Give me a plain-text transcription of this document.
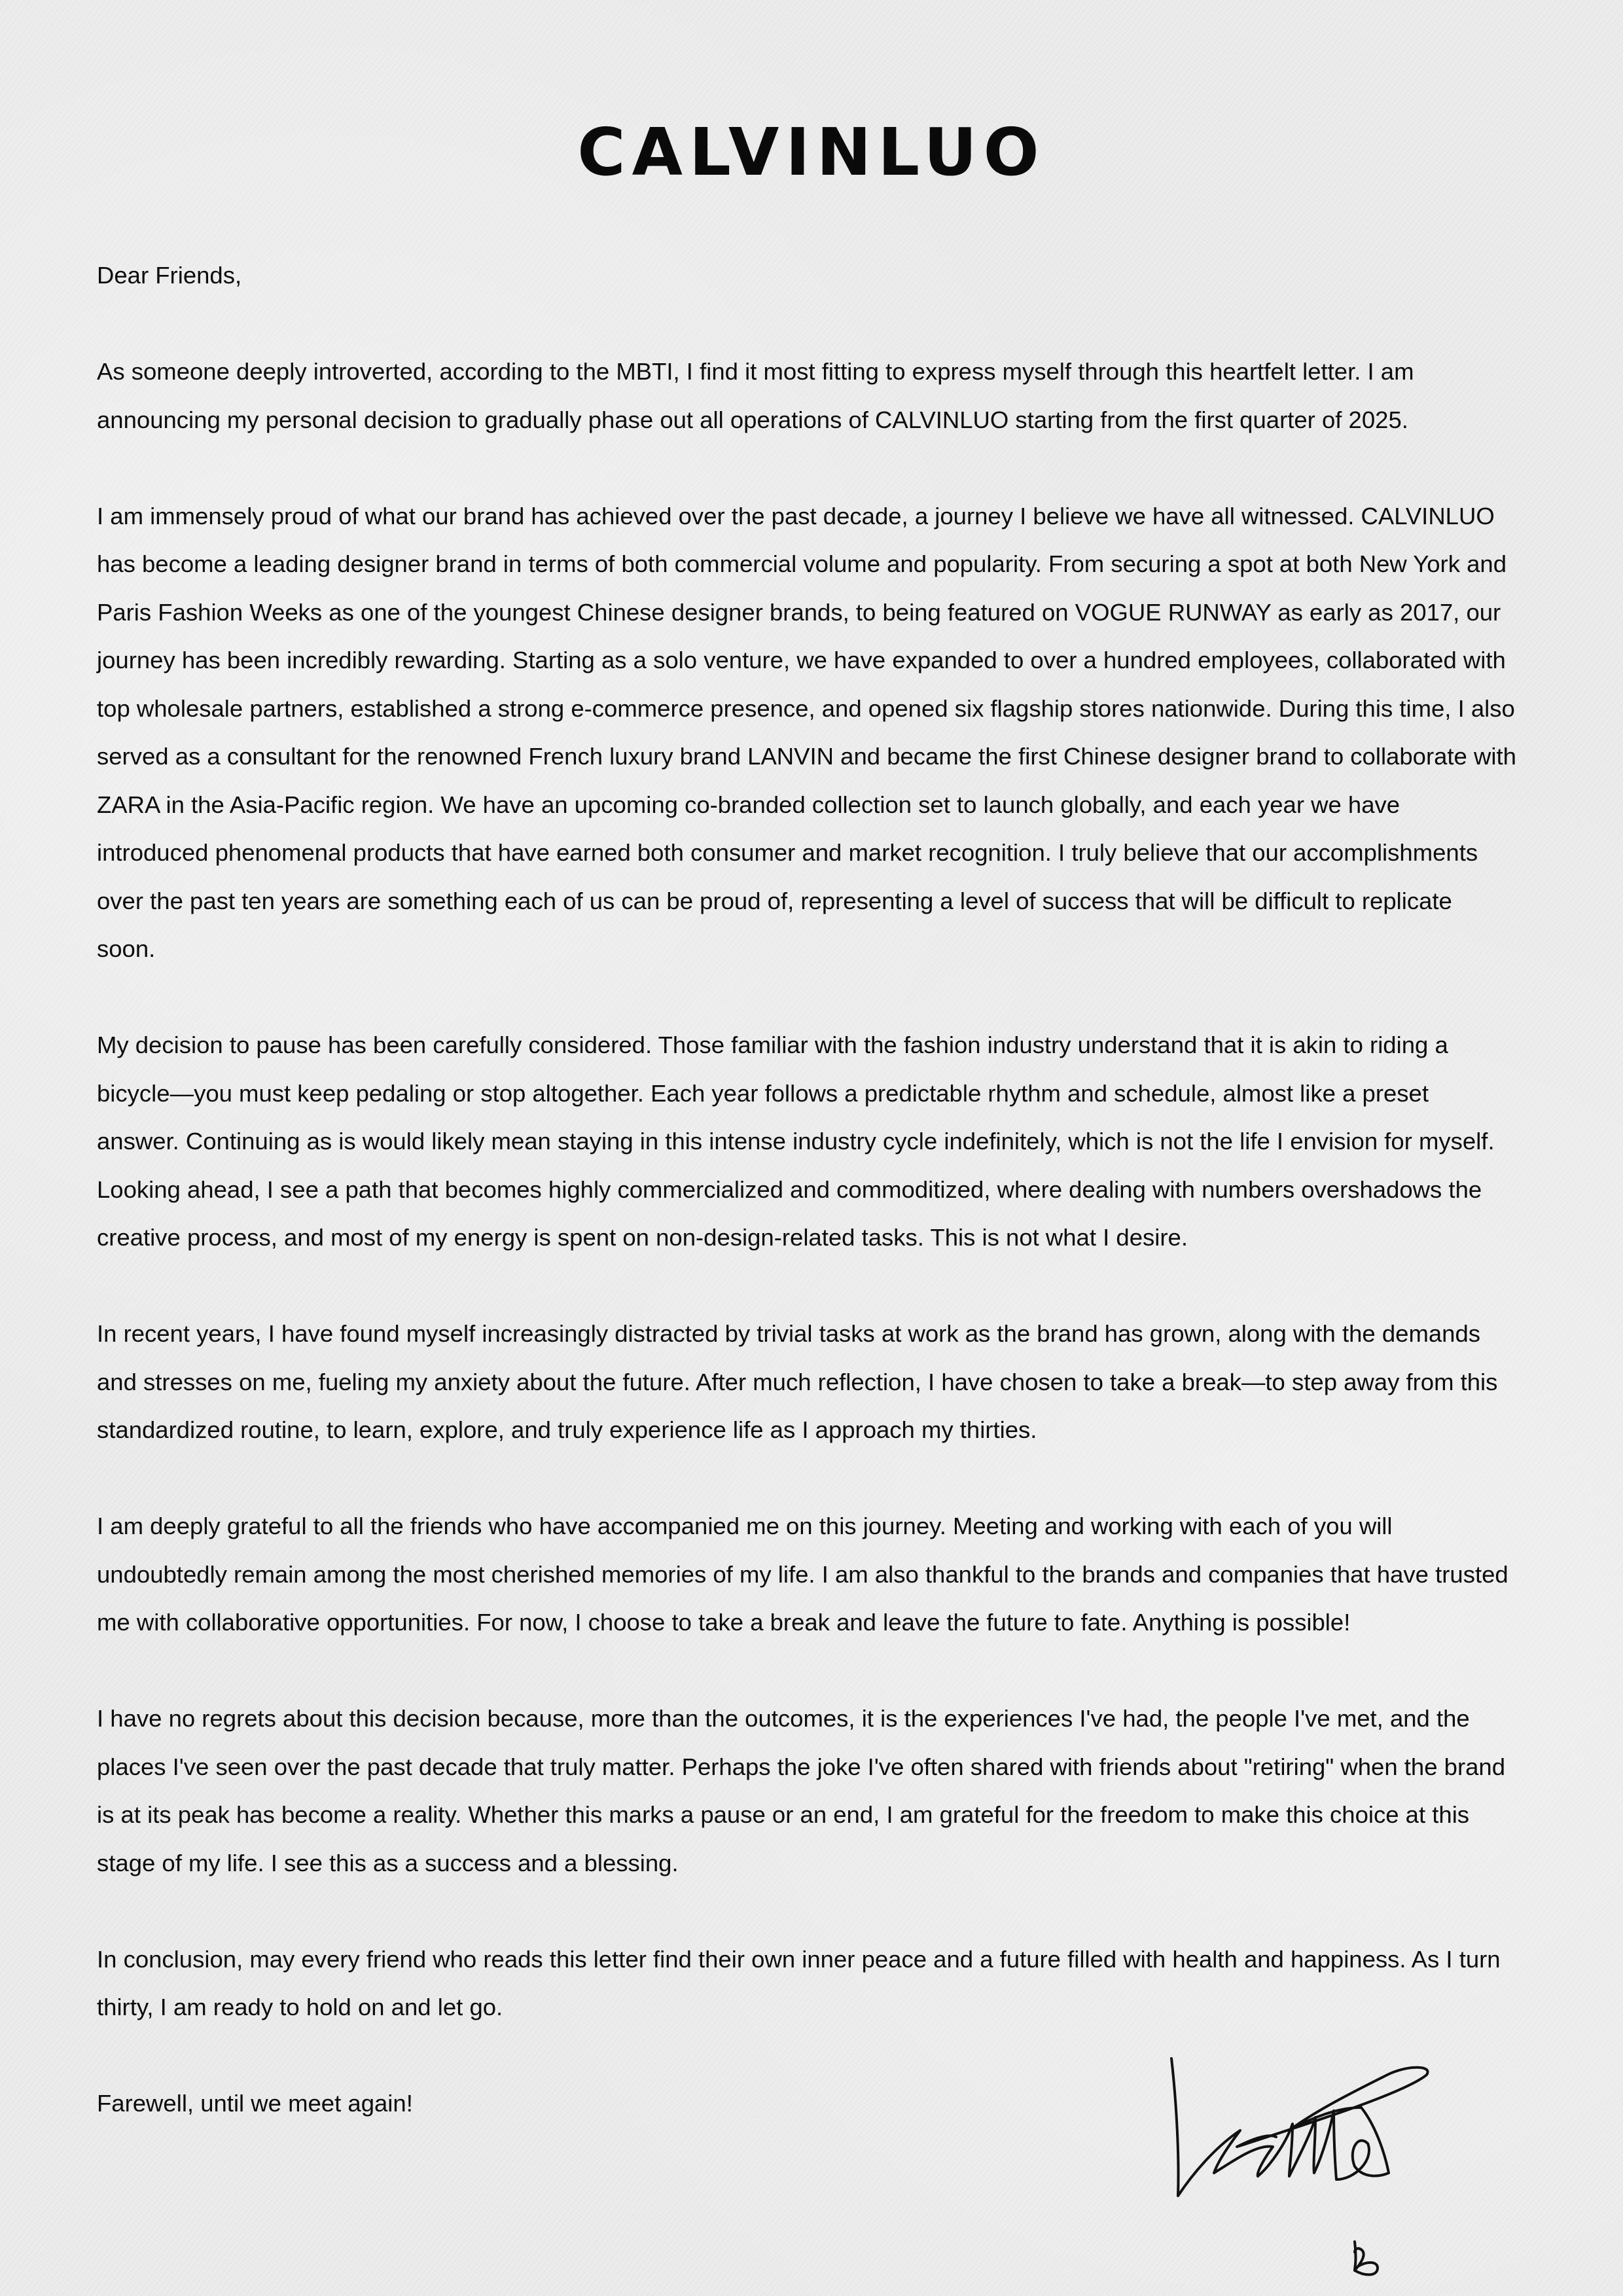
CALVINLUO

Dear Friends,

As someone deeply introverted, according to the MBTI, I find it most fitting to express myself through this heartfelt letter. I am announcing my personal decision to gradually phase out all operations of CALVINLUO starting from the first quarter of 2025.

I am immensely proud of what our brand has achieved over the past decade, a journey I believe we have all witnessed. CALVINLUO has become a leading designer brand in terms of both commercial volume and popularity. From securing a spot at both New York and Paris Fashion Weeks as one of the youngest Chinese designer brands, to being featured on VOGUE RUNWAY as early as 2017, our journey has been incredibly rewarding. Starting as a solo venture, we have expanded to over a hundred employees, collaborated with top wholesale partners, established a strong e-commerce presence, and opened six flagship stores nationwide. During this time, I also served as a consultant for the renowned French luxury brand LANVIN and became the first Chinese designer brand to collaborate with ZARA in the Asia-Pacific region. We have an upcoming co-branded collection set to launch globally, and each year we have introduced phenomenal products that have earned both consumer and market recognition. I truly believe that our accomplishments over the past ten years are something each of us can be proud of, representing a level of success that will be difficult to replicate soon.

My decision to pause has been carefully considered. Those familiar with the fashion industry understand that it is akin to riding a bicycle—you must keep pedaling or stop altogether. Each year follows a predictable rhythm and schedule, almost like a preset answer. Continuing as is would likely mean staying in this intense industry cycle indefinitely, which is not the life I envision for myself. Looking ahead, I see a path that becomes highly commercialized and commoditized, where dealing with numbers overshadows the creative process, and most of my energy is spent on non-design-related tasks. This is not what I desire.

In recent years, I have found myself increasingly distracted by trivial tasks at work as the brand has grown, along with the demands and stresses on me, fueling my anxiety about the future. After much reflection, I have chosen to take a break—to step away from this standardized routine, to learn, explore, and truly experience life as I approach my thirties.

I am deeply grateful to all the friends who have accompanied me on this journey. Meeting and working with each of you will undoubtedly remain among the most cherished memories of my life. I am also thankful to the brands and companies that have trusted me with collaborative opportunities. For now, I choose to take a break and leave the future to fate. Anything is possible!

I have no regrets about this decision because, more than the outcomes, it is the experiences I've had, the people I've met, and the places I've seen over the past decade that truly matter. Perhaps the joke I've often shared with friends about "retiring" when the brand is at its peak has become a reality. Whether this marks a pause or an end, I am grateful for the freedom to make this choice at this stage of my life. I see this as a success and a blessing.

In conclusion, may every friend who reads this letter find their own inner peace and a future filled with health and happiness. As I turn thirty, I am ready to hold on and let go.

Farewell, until we meet again!
